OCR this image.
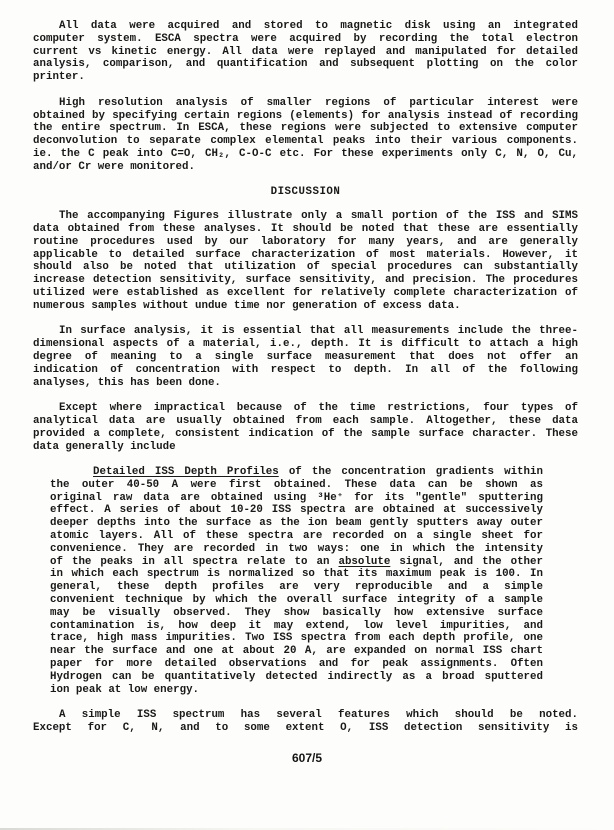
All data were acquired and stored to magnetic disk using an integrated
computer system. ESCA spectra were acquired by recording the total electron
current vs kinetic energy. All data were replayed and manipulated for detailed
analysis, comparison, and quantification and subsequent plotting on the color
printer.
High resolution analysis of smaller regions of particular interest were
obtained by specifying certain regions (elements) for analysis instead of recording
the entire spectrum. In ESCA, these regions were subjected to extensive computer
deconvolution to separate complex elemental peaks into their various components.
ie. the C peak into C=O, CH₂, C-O-C etc. For these experiments only C, N, O, Cu,
and/or Cr were monitored.
DISCUSSION
The accompanying Figures illustrate only a small portion of the ISS and SIMS
data obtained from these analyses. It should be noted that these are essentially
routine procedures used by our laboratory for many years, and are generally
applicable to detailed surface characterization of most materials. However, it
should also be noted that utilization of special procedures can substantially
increase detection sensitivity, surface sensitivity, and precision. The procedures
utilized were established as excellent for relatively complete characterization of
numerous samples without undue time nor generation of excess data.
In surface analysis, it is essential that all measurements include the three-
dimensional aspects of a material, i.e., depth. It is difficult to attach a high
degree of meaning to a single surface measurement that does not offer an
indication of concentration with respect to depth. In all of the following
analyses, this has been done.
Except where impractical because of the time restrictions, four types of
analytical data are usually obtained from each sample. Altogether, these data
provided a complete, consistent indication of the sample surface character. These
data generally include
Detailed ISS Depth Profiles of the concentration gradients within
the outer 40-50 A were first obtained. These data can be shown as
original raw data are obtained using ³He⁺ for its "gentle" sputtering
effect. A series of about 10-20 ISS spectra are obtained at successively
deeper depths into the surface as the ion beam gently sputters away outer
atomic layers. All of these spectra are recorded on a single sheet for
convenience. They are recorded in two ways: one in which the intensity
of the peaks in all spectra relate to an absolute signal, and the other
in which each spectrum is normalized so that its maximum peak is 100. In
general, these depth profiles are very reproducible and a simple
convenient technique by which the overall surface integrity of a sample
may be visually observed. They show basically how extensive surface
contamination is, how deep it may extend, low level impurities, and
trace, high mass impurities. Two ISS spectra from each depth profile, one
near the surface and one at about 20 A, are expanded on normal ISS chart
paper for more detailed observations and for peak assignments. Often
Hydrogen can be quantitatively detected indirectly as a broad sputtered
ion peak at low energy.
A simple ISS spectrum has several features which should be noted.
Except for C, N, and to some extent O, ISS detection sensitivity is
607/5
